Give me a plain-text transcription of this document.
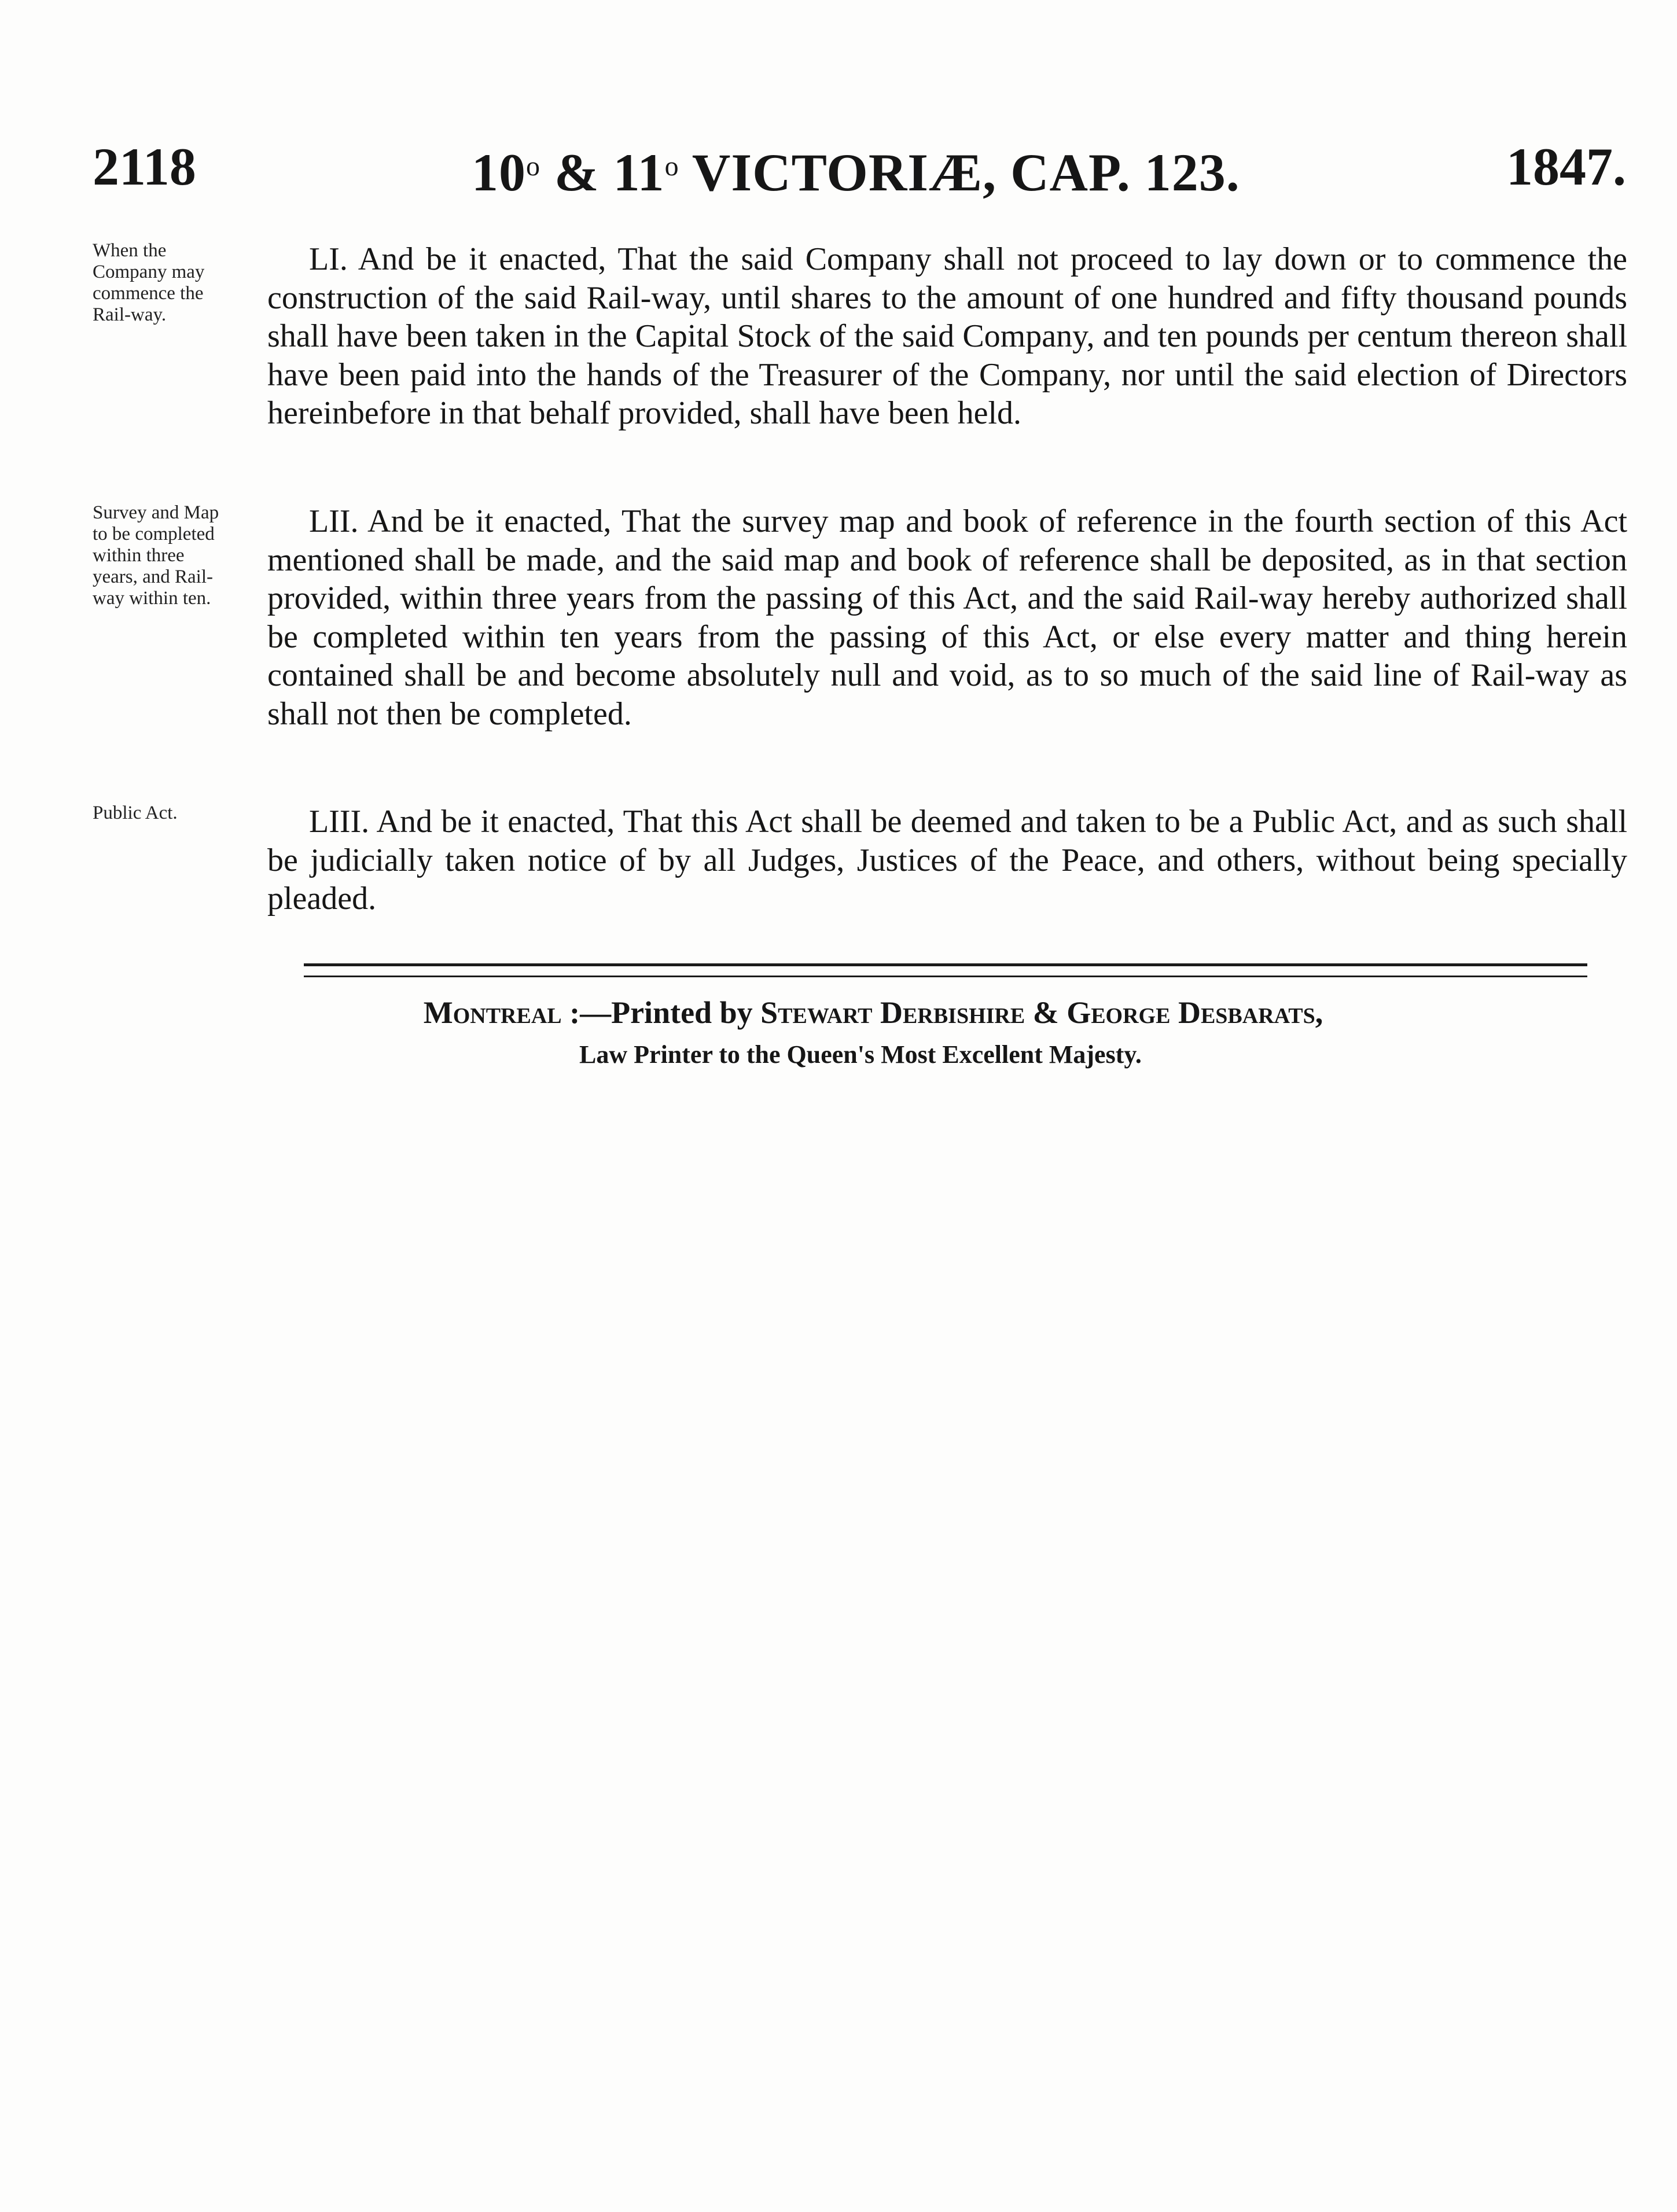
2118	10$^o$ & 11$^o$ VICTORIÆ, CAP. 123.	1847.
When the Company may commence the Rail-way.
LI. And be it enacted, That the said Company shall not proceed to lay down or to commence the construction of the said Rail-way, until shares to the amount of one hundred and fifty thousand pounds shall have been taken in the Capital Stock of the said Company, and ten pounds per centum thereon shall have been paid into the hands of the Treasurer of the Company, nor until the said election of Directors hereinbefore in that behalf provided, shall have been held.
Survey and Map to be completed within three years, and Rail-way within ten.
LII. And be it enacted, That the survey map and book of reference in the fourth section of this Act mentioned shall be made, and the said map and book of reference shall be deposited, as in that section provided, within three years from the passing of this Act, and the said Rail-way hereby authorized shall be completed within ten years from the passing of this Act, or else every matter and thing herein contained shall be and become absolutely null and void, as to so much of the said line of Rail-way as shall not then be completed.
Public Act.	LIII. And be it enacted, That this Act shall be deemed and taken to be a Public Act, and as such shall be judicially taken notice of by all Judges, Justices of the Peace, and others, without being specially pleaded.
Montreal :—Printed by Stewart Derbishire & George Desbarats,
Law Printer to the Queen's Most Excellent Majesty.
